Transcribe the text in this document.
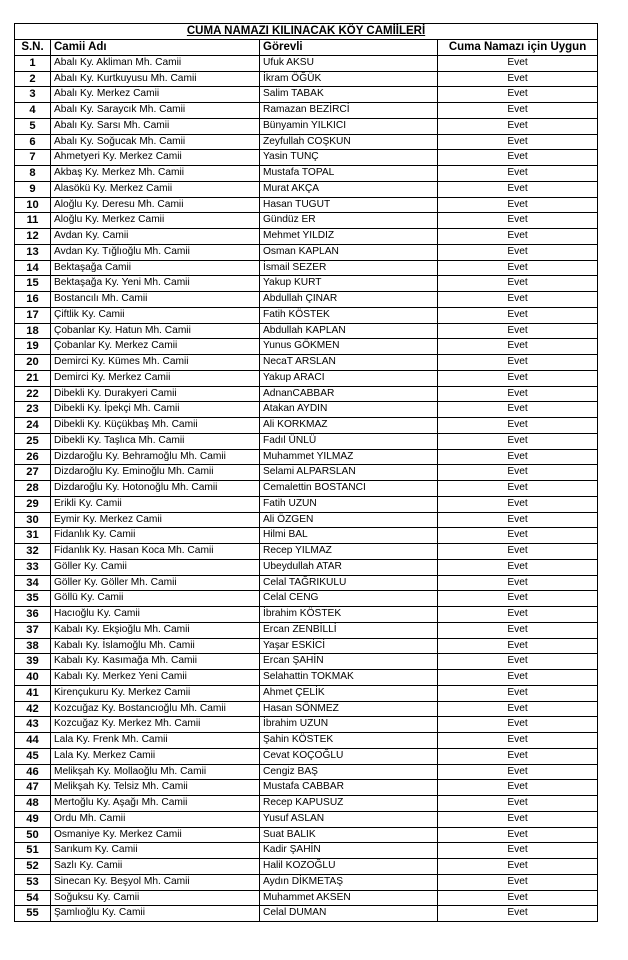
CUMA NAMAZI KILINACAK KÖY CAMİİLERİ			
S.N.	Camii Adı	Görevli	Cuma Namazı için Uygun
1	Abalı Ky. Akliman Mh. Camii	Ufuk AKSU	Evet
2	Abalı Ky. Kurtkuyusu Mh. Camii	İkram ÖĞÜK	Evet
3	Abalı Ky. Merkez Camii	Salim TABAK	Evet
4	Abalı Ky. Saraycık Mh. Camii	Ramazan BEZİRCİ	Evet
5	Abalı Ky. Sarsı Mh. Camii	Bünyamin YILKICI	Evet
6	Abalı Ky. Soğucak Mh. Camii	Zeyfullah COŞKUN	Evet
7	Ahmetyeri Ky. Merkez Camii	Yasin TUNÇ	Evet
8	Akbaş Ky. Merkez Mh. Camii	Mustafa TOPAL	Evet
9	Alasökü Ky. Merkez Camii	Murat AKÇA	Evet
10	Aloğlu Ky. Deresu Mh. Camii	Hasan TUGUT	Evet
11	Aloğlu Ky. Merkez Camii	Gündüz ER	Evet
12	Avdan Ky. Camii	Mehmet YILDIZ	Evet
13	Avdan Ky. Tığlıoğlu Mh. Camii	Osman KAPLAN	Evet
14	Bektaşağa Camii	İsmail SEZER	Evet
15	Bektaşağa Ky. Yeni Mh. Camii	Yakup KURT	Evet
16	Bostancılı Mh. Camii	Abdullah ÇINAR	Evet
17	Çiftlik Ky. Camii	Fatih KÖSTEK	Evet
18	Çobanlar Ky. Hatun Mh. Camii	Abdullah KAPLAN	Evet
19	Çobanlar Ky. Merkez Camii	Yunus GÖKMEN	Evet
20	Demirci Ky. Kümes Mh. Camii	NecaT ARSLAN	Evet
21	Demirci Ky. Merkez Camii	Yakup ARACI	Evet
22	Dibekli Ky. Durakyeri Camii	AdnanCABBAR	Evet
23	Dibekli Ky. İpekçi Mh. Camii	Atakan AYDIN	Evet
24	Dibekli Ky. Küçükbaş Mh. Camii	Ali KORKMAZ	Evet
25	Dibekli Ky. Taşlıca Mh. Camii	Fadıl ÜNLÜ	Evet
26	Dizdaroğlu Ky. Behramoğlu Mh. Camii	Muhammet YILMAZ	Evet
27	Dizdaroğlu Ky. Eminoğlu Mh. Camii	Selami ALPARSLAN	Evet
28	Dizdaroğlu Ky. Hotonoğlu Mh. Camii	Cemalettin BOSTANCI	Evet
29	Erikli Ky. Camii	Fatih UZUN	Evet
30	Eymir Ky. Merkez Camii	Ali ÖZGEN	Evet
31	Fidanlık Ky. Camii	Hilmi BAL	Evet
32	Fidanlık Ky. Hasan Koca Mh. Camii	Recep YILMAZ	Evet
33	Göller Ky. Camii	Ubeydullah ATAR	Evet
34	Göller Ky. Göller Mh. Camii	Celal TAĞRIKULU	Evet
35	Göllü Ky. Camii	Celal CENG	Evet
36	Hacıoğlu Ky. Camii	İbrahim KÖSTEK	Evet
37	Kabalı Ky. Ekşioğlu Mh. Camii	Ercan ZENBİLLİ	Evet
38	Kabalı Ky. İslamoğlu Mh. Camii	Yaşar ESKİCİ	Evet
39	Kabalı Ky. Kasımağa Mh. Camii	Ercan ŞAHİN	Evet
40	Kabalı Ky. Merkez Yeni Camii	Selahattin TOKMAK	Evet
41	Kirençukuru Ky. Merkez Camii	Ahmet ÇELİK	Evet
42	Kozcuğaz Ky. Bostancıoğlu Mh. Camii	Hasan SÖNMEZ	Evet
43	Kozcuğaz Ky. Merkez Mh. Camii	İbrahim UZUN	Evet
44	Lala Ky. Frenk Mh. Camii	Şahin KÖSTEK	Evet
45	Lala Ky. Merkez Camii	Cevat KOÇOĞLU	Evet
46	Melikşah Ky. Mollaoğlu Mh. Camii	Cengiz BAŞ	Evet
47	Melikşah Ky. Telsiz Mh. Camii	Mustafa CABBAR	Evet
48	Mertoğlu Ky. Aşağı Mh. Camii	Recep KAPUSUZ	Evet
49	Ordu Mh. Camii	Yusuf ASLAN	Evet
50	Osmaniye Ky. Merkez Camii	Suat BALIK	Evet
51	Sarıkum Ky. Camii	Kadir ŞAHİN	Evet
52	Sazlı Ky. Camii	Halil KOZOĞLU	Evet
53	Sinecan Ky. Beşyol Mh. Camii	Aydın DİKMETAŞ	Evet
54	Soğuksu Ky. Camii	Muhammet AKSEN	Evet
55	Şamlıoğlu Ky. Camii	Celal DUMAN	Evet
